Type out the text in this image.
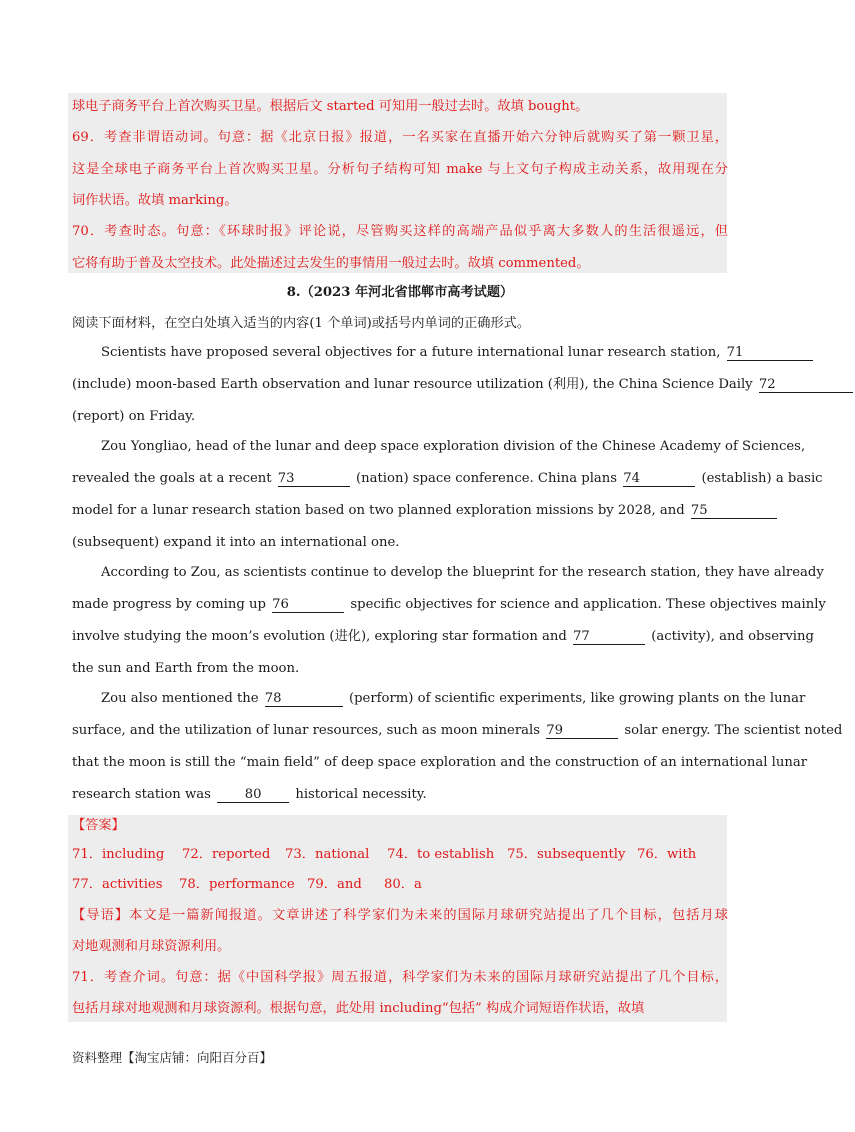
球电子商务平台上首次购买卫星。根据后文 started 可知用一般过去时。故填 bought。
69．考查非谓语动词。句意：据《北京日报》报道，一名买家在直播开始六分钟后就购买了第一颗卫星，
这是全球电子商务平台上首次购买卫星。分析句子结构可知 make 与上文句子构成主动关系，故用现在分
词作状语。故填 marking。
70．考查时态。句意：《环球时报》评论说，尽管购买这样的高端产品似乎离大多数人的生活很遥远，但
它将有助于普及太空技术。此处描述过去发生的事情用一般过去时。故填 commented。
8.（2023 年河北省邯郸市高考试题）
阅读下面材料，在空白处填入适当的内容(1 个单词)或括号内单词的正确形式。
Scientists have proposed several objectives for a future international lunar research station, 71
(include) moon-based Earth observation and lunar resource utilization (利用), the China Science Daily 72
(report) on Friday.
Zou Yongliao, head of the lunar and deep space exploration division of the Chinese Academy of Sciences,
revealed the goals at a recent 73	(nation) space conference. China plans 74	(establish) a basic
model for a lunar research station based on two planned exploration missions by 2028, and 75
(subsequent) expand it into an international one.
According to Zou, as scientists continue to develop the blueprint for the research station, they have already
made progress by coming up 76	specific objectives for science and application. These objectives mainly
involve studying the moon’s evolution (进化), exploring star formation and 77	(activity), and observing
the sun and Earth from the moon.
Zou also mentioned the 78	(perform) of scientific experiments, like growing plants on the lunar
surface, and the utilization of lunar resources, such as moon minerals 79	solar energy. The scientist noted
that the moon is still the “main field” of deep space exploration and the construction of an international lunar
research station was	80	historical necessity.
【答案】
71．including 72．reported 73．national 74．to establish 75．subsequently 76．with
77．activities 78．performance 79．and 80．a
【导语】本文是一篇新闻报道。文章讲述了科学家们为未来的国际月球研究站提出了几个目标，包括月球
对地观测和月球资源利用。
71．考查介词。句意：据《中国科学报》周五报道，科学家们为未来的国际月球研究站提出了几个目标，
包括月球对地观测和月球资源利。根据句意，此处用 including“包括” 构成介词短语作状语，故填
资料整理【淘宝店铺：向阳百分百】
